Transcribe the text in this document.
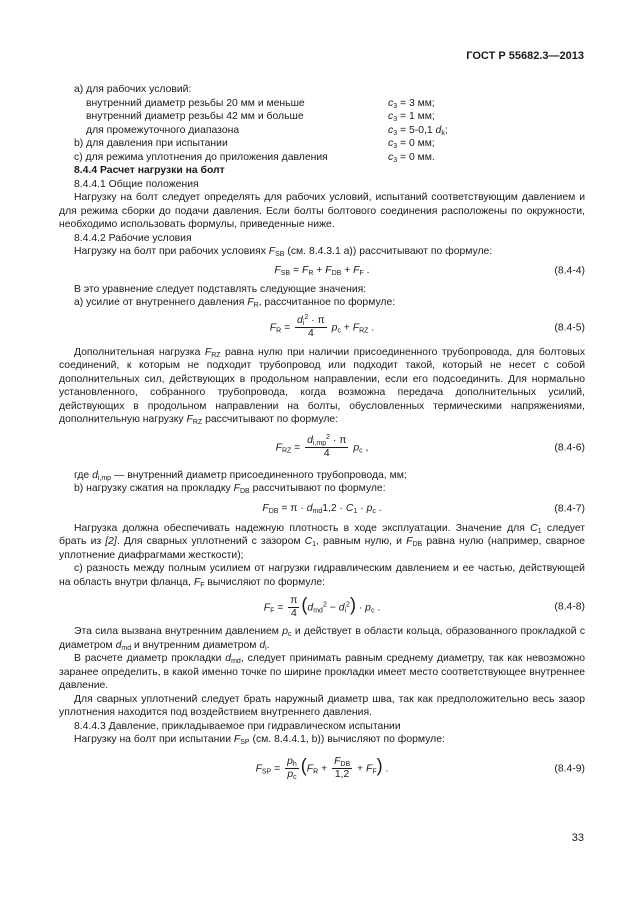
ГОСТ Р 55682.3—2013
а) для рабочих условий:
внутренний диаметр резьбы 20 мм и меньше	$c_3 = 3$ мм;
внутренний диаметр резьбы 42 мм и больше	$c_3 = 1$ мм;
для промежуточного диапазона	$c_3 = 5-0,1$ $d_k$;
b) для давления при испытании	$c_3 = 0$ мм;
с) для режима уплотнения до приложения давления	$c_3 = 0$ мм.
8.4.4 Расчет нагрузки на болт
8.4.4.1 Общие положения

Нагрузку на болт следует определять для рабочих условий, испытаний соответствующим давлением и для режима сборки до подачи давления. Если болты болтового соединения расположены по окружности, необходимо использовать формулы, приведенные ниже.

8.4.4.2 Рабочие условия
Нагрузку на болт при рабочих условиях $F_{SB}$ (см. 8.4.3.1 а)) рассчитывают по формуле:
$F_{SB} = F_R + F_{DB} + F_F$ .	(8.4-4)
В это уравнение следует подставлять следующие значения:
а) усилие от внутреннего давления $F_R$, рассчитанное по формуле:
$F_R = \frac{d_i^2 \cdot \pi}{4} p_c + F_{RZ}$ .	(8.4-5)

Дополнительная нагрузка $F_{RZ}$ равна нулю при наличии присоединенного трубопровода, для болтовых соединений, к которым не подходит трубопровод или подходит такой, который не несет с собой дополнительных сил, действующих в продольном направлении, если его подсоединить. Для нормально установленного, собранного трубопровода, когда возможна передача дополнительных усилий, действующих в продольном направлении на болты, обусловленных термическими напряжениями, дополнительную нагрузку $F_{RZ}$ рассчитывают по формуле:

$F_{RZ} = \frac{d_{i,mp}^2 \cdot \pi}{4} p_c$ ,	(8.4-6)
где $d_{i,mp}$ — внутренний диаметр присоединенного трубопровода, мм;
b) нагрузку сжатия на прокладку $F_{DB}$ рассчитывают по формуле:
$F_{DB} = \pi \cdot d_{md}1,2 \cdot C_1 \cdot p_c$ .	(8.4-7)

Нагрузка должна обеспечивать надежную плотность в ходе эксплуатации. Значение для $C_1$ следует брать из [2]. Для сварных уплотнений с зазором $C_1$, равным нулю, и $F_{DB}$ равна нулю (например, сварное уплотнение диафрагмами жесткости);

с) разность между полным усилием от нагрузки гидравлическим давлением и ее частью, действующей на область внутри фланца, $F_F$ вычисляют по формуле:

$F_F = \frac{\pi}{4} (d_{md}^2 - d_i^2) \cdot p_c$ .	(8.4-8)

Эта сила вызвана внутренним давлением $p_c$ и действует в области кольца, образованного прокладкой с диаметром $d_{md}$ и внутренним диаметром $d_i$.

В расчете диаметр прокладки $d_{md}$, следует принимать равным среднему диаметру, так как невозможно заранее определить, в какой именно точке по ширине прокладки имеет место соответствующее внутреннее давление.

Для сварных уплотнений следует брать наружный диаметр шва, так как предположительно весь зазор уплотнения находится под воздействием внутреннего давления.

8.4.4.3 Давление, прикладываемое при гидравлическом испытании
Нагрузку на болт при испытании $F_{SP}$ (см. 8.4.4.1, b)) вычисляют по формуле:
$F_{SP} = \frac{p_h}{p_c} (F_R + \frac{F_{DB}}{1,2} + F_F)$ .	(8.4-9)
33
